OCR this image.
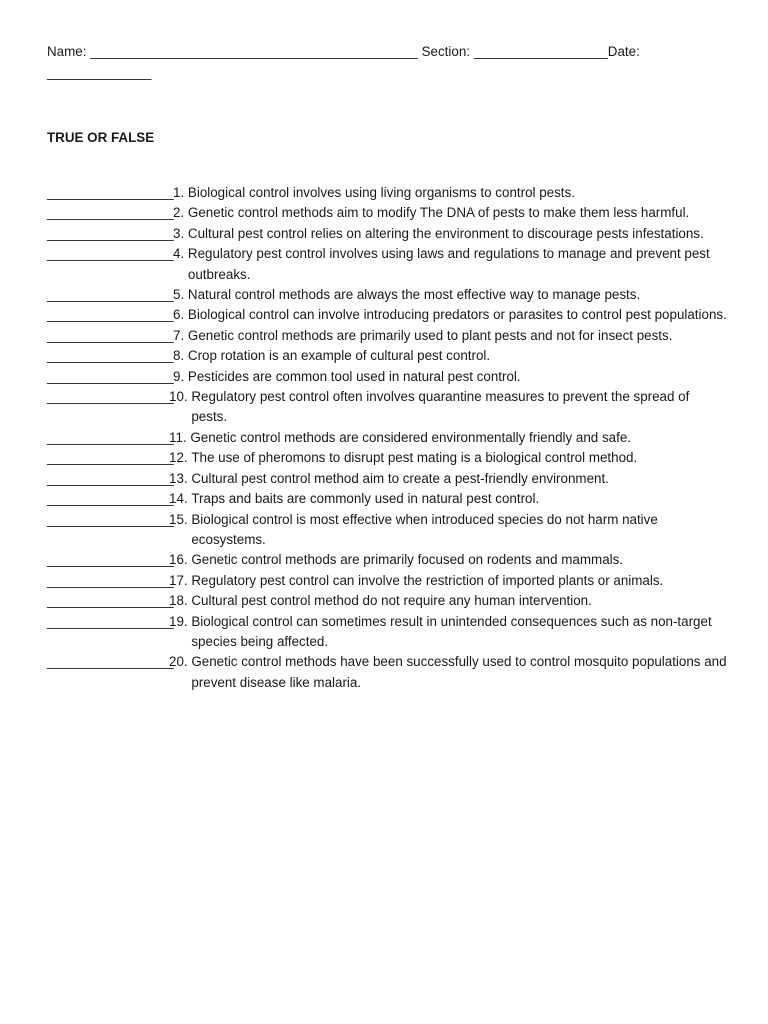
Name: ____________________________________________ Section: __________________Date:
______________
TRUE OR FALSE
_________________ 1.
Biological control involves using living organisms to control pests.
_________________ 2.
Genetic control methods aim to modify The DNA of pests to make them less harmful.
_________________ 3.
Cultural pest control relies on altering the environment to discourage pests infestations.
_________________ 4.
Regulatory pest control involves using laws and regulations to manage and prevent pest outbreaks.
_________________ 5.
Natural control methods are always the most effective way to manage pests.
_________________ 6.
Biological control can involve introducing predators or parasites to control pest populations.
_________________ 7.
Genetic control methods are primarily used to plant pests and not for insect pests.
_________________ 8.
Crop rotation is an example of cultural pest control.
_________________ 9.
Pesticides are common tool used in natural pest control.
_________________
10.
Regulatory pest control often involves quarantine measures to prevent the spread of pests.
_________________
11.
Genetic control methods are considered environmentally friendly and safe.
_________________
12.
The use of pheromons to disrupt pest mating is a biological control method.
_________________
13.
Cultural pest control method aim to create a pest-friendly environment.
_________________
14.
Traps and baits are commonly used in natural pest control.
_________________
15.
Biological control is most effective when introduced species do not harm native ecosystems.
_________________
16.
Genetic control methods are primarily focused on rodents and mammals.
_________________
17.
Regulatory pest control can involve the restriction of imported plants or animals.
_________________
18.
Cultural pest control method do not require any human intervention.
_________________
19.
Biological control can sometimes result in unintended consequences such as non-target species being affected.
_________________
20.
Genetic control methods have been successfully used to control mosquito populations and prevent disease like malaria.
